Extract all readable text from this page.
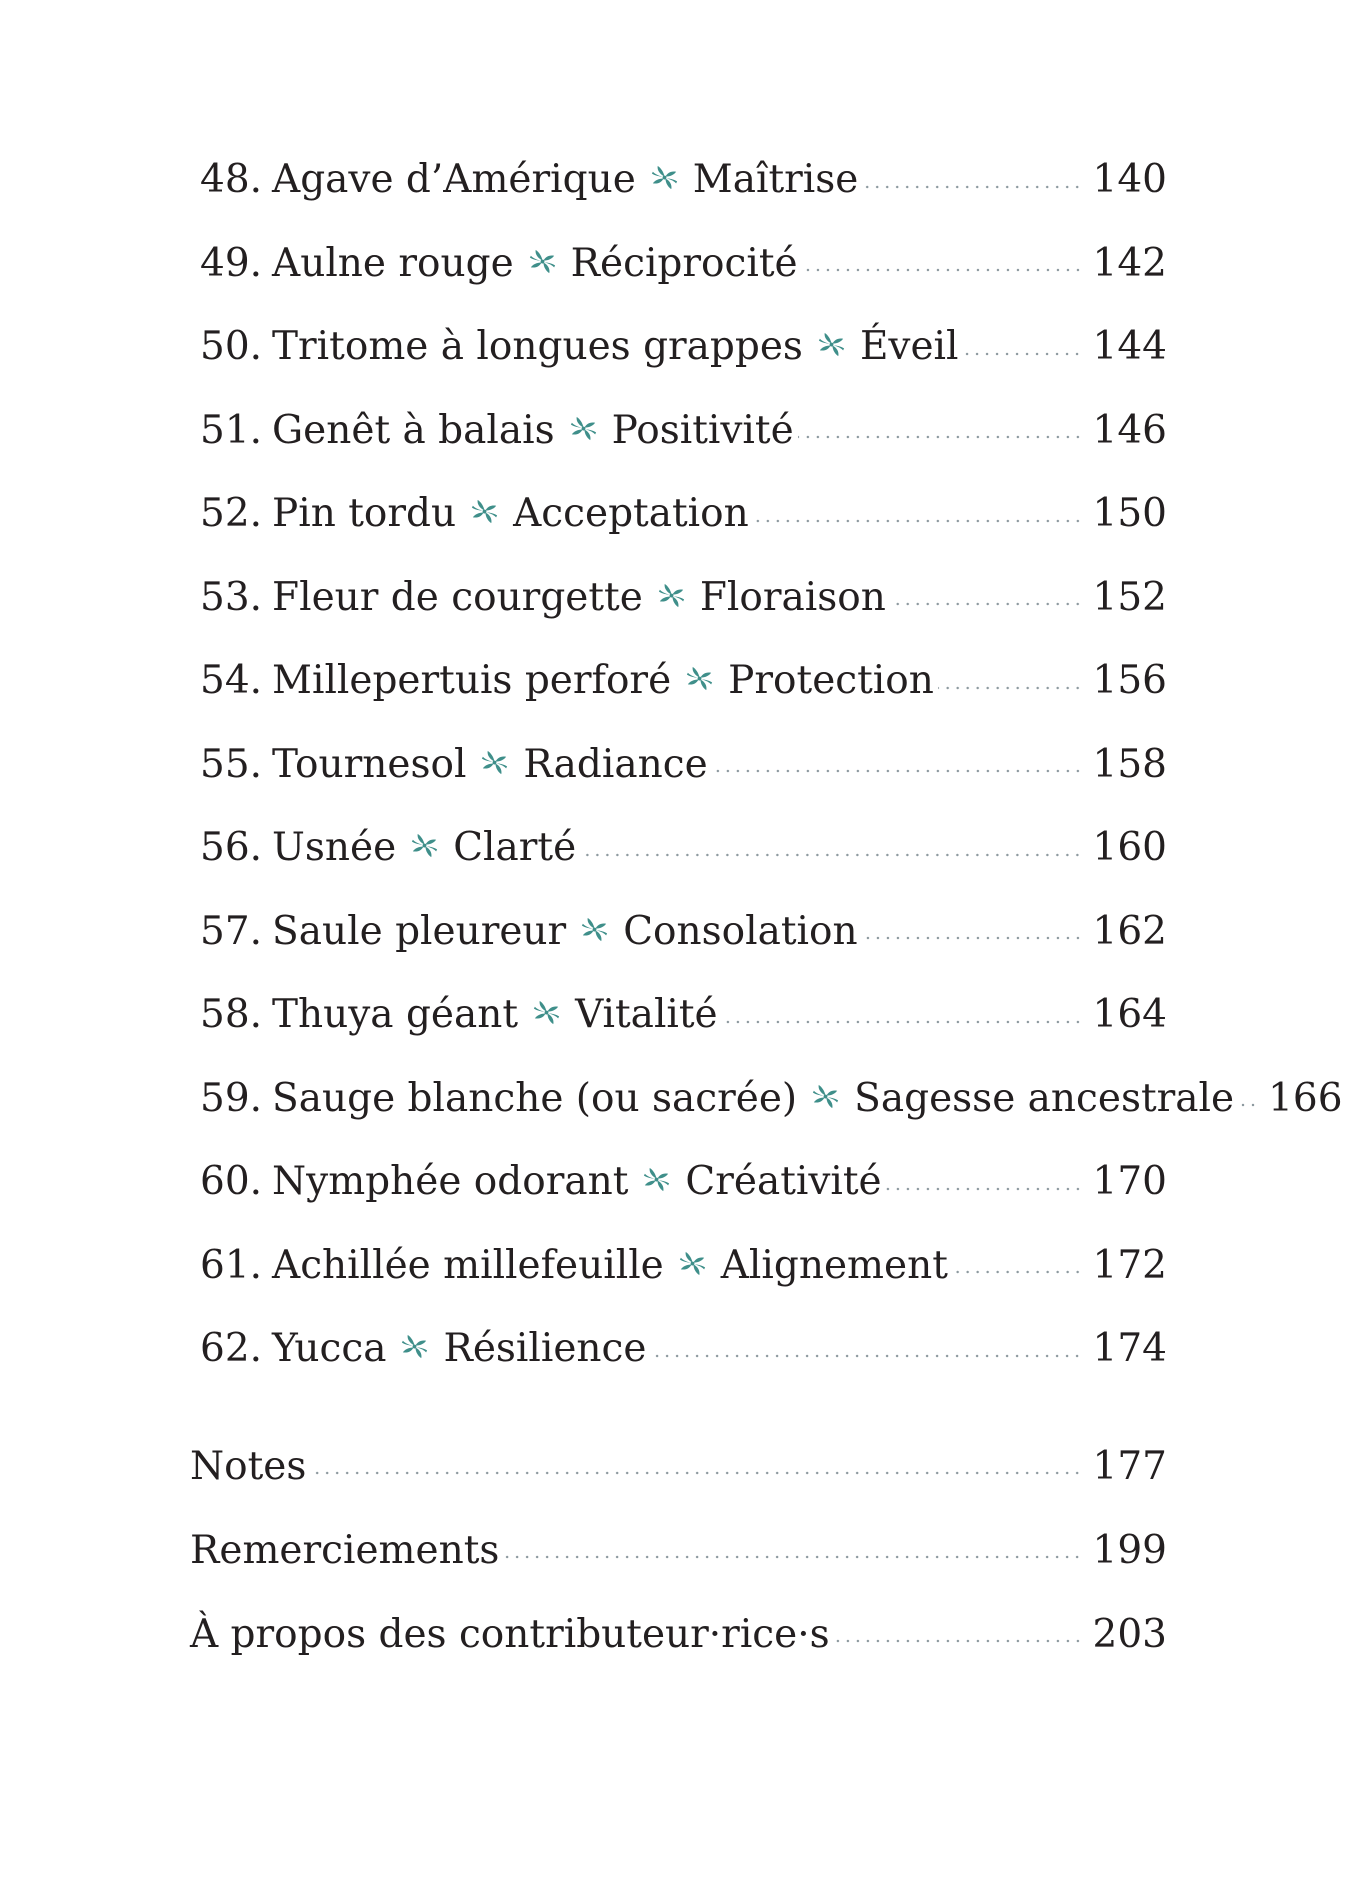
48. Agave d’Amérique Maîtrise	140
49. Aulne rouge Réciprocité	142
50. Tritome à longues grappes Éveil	144
51. Genêt à balais Positivité	146
52. Pin tordu Acceptation	150
53. Fleur de courgette Floraison	152
54. Millepertuis perforé Protection	156
55. Tournesol Radiance	158
56. Usnée Clarté	160
57. Saule pleureur Consolation	162
58. Thuya géant Vitalité	164
59. Sauge blanche (ou sacrée) Sagesse ancestrale 166
60. Nymphée odorant Créativité	170
61. Achillée millefeuille Alignement	172
62. Yucca Résilience	174
Notes	177
Remerciements	199
À propos des contributeur·rice·s	203
